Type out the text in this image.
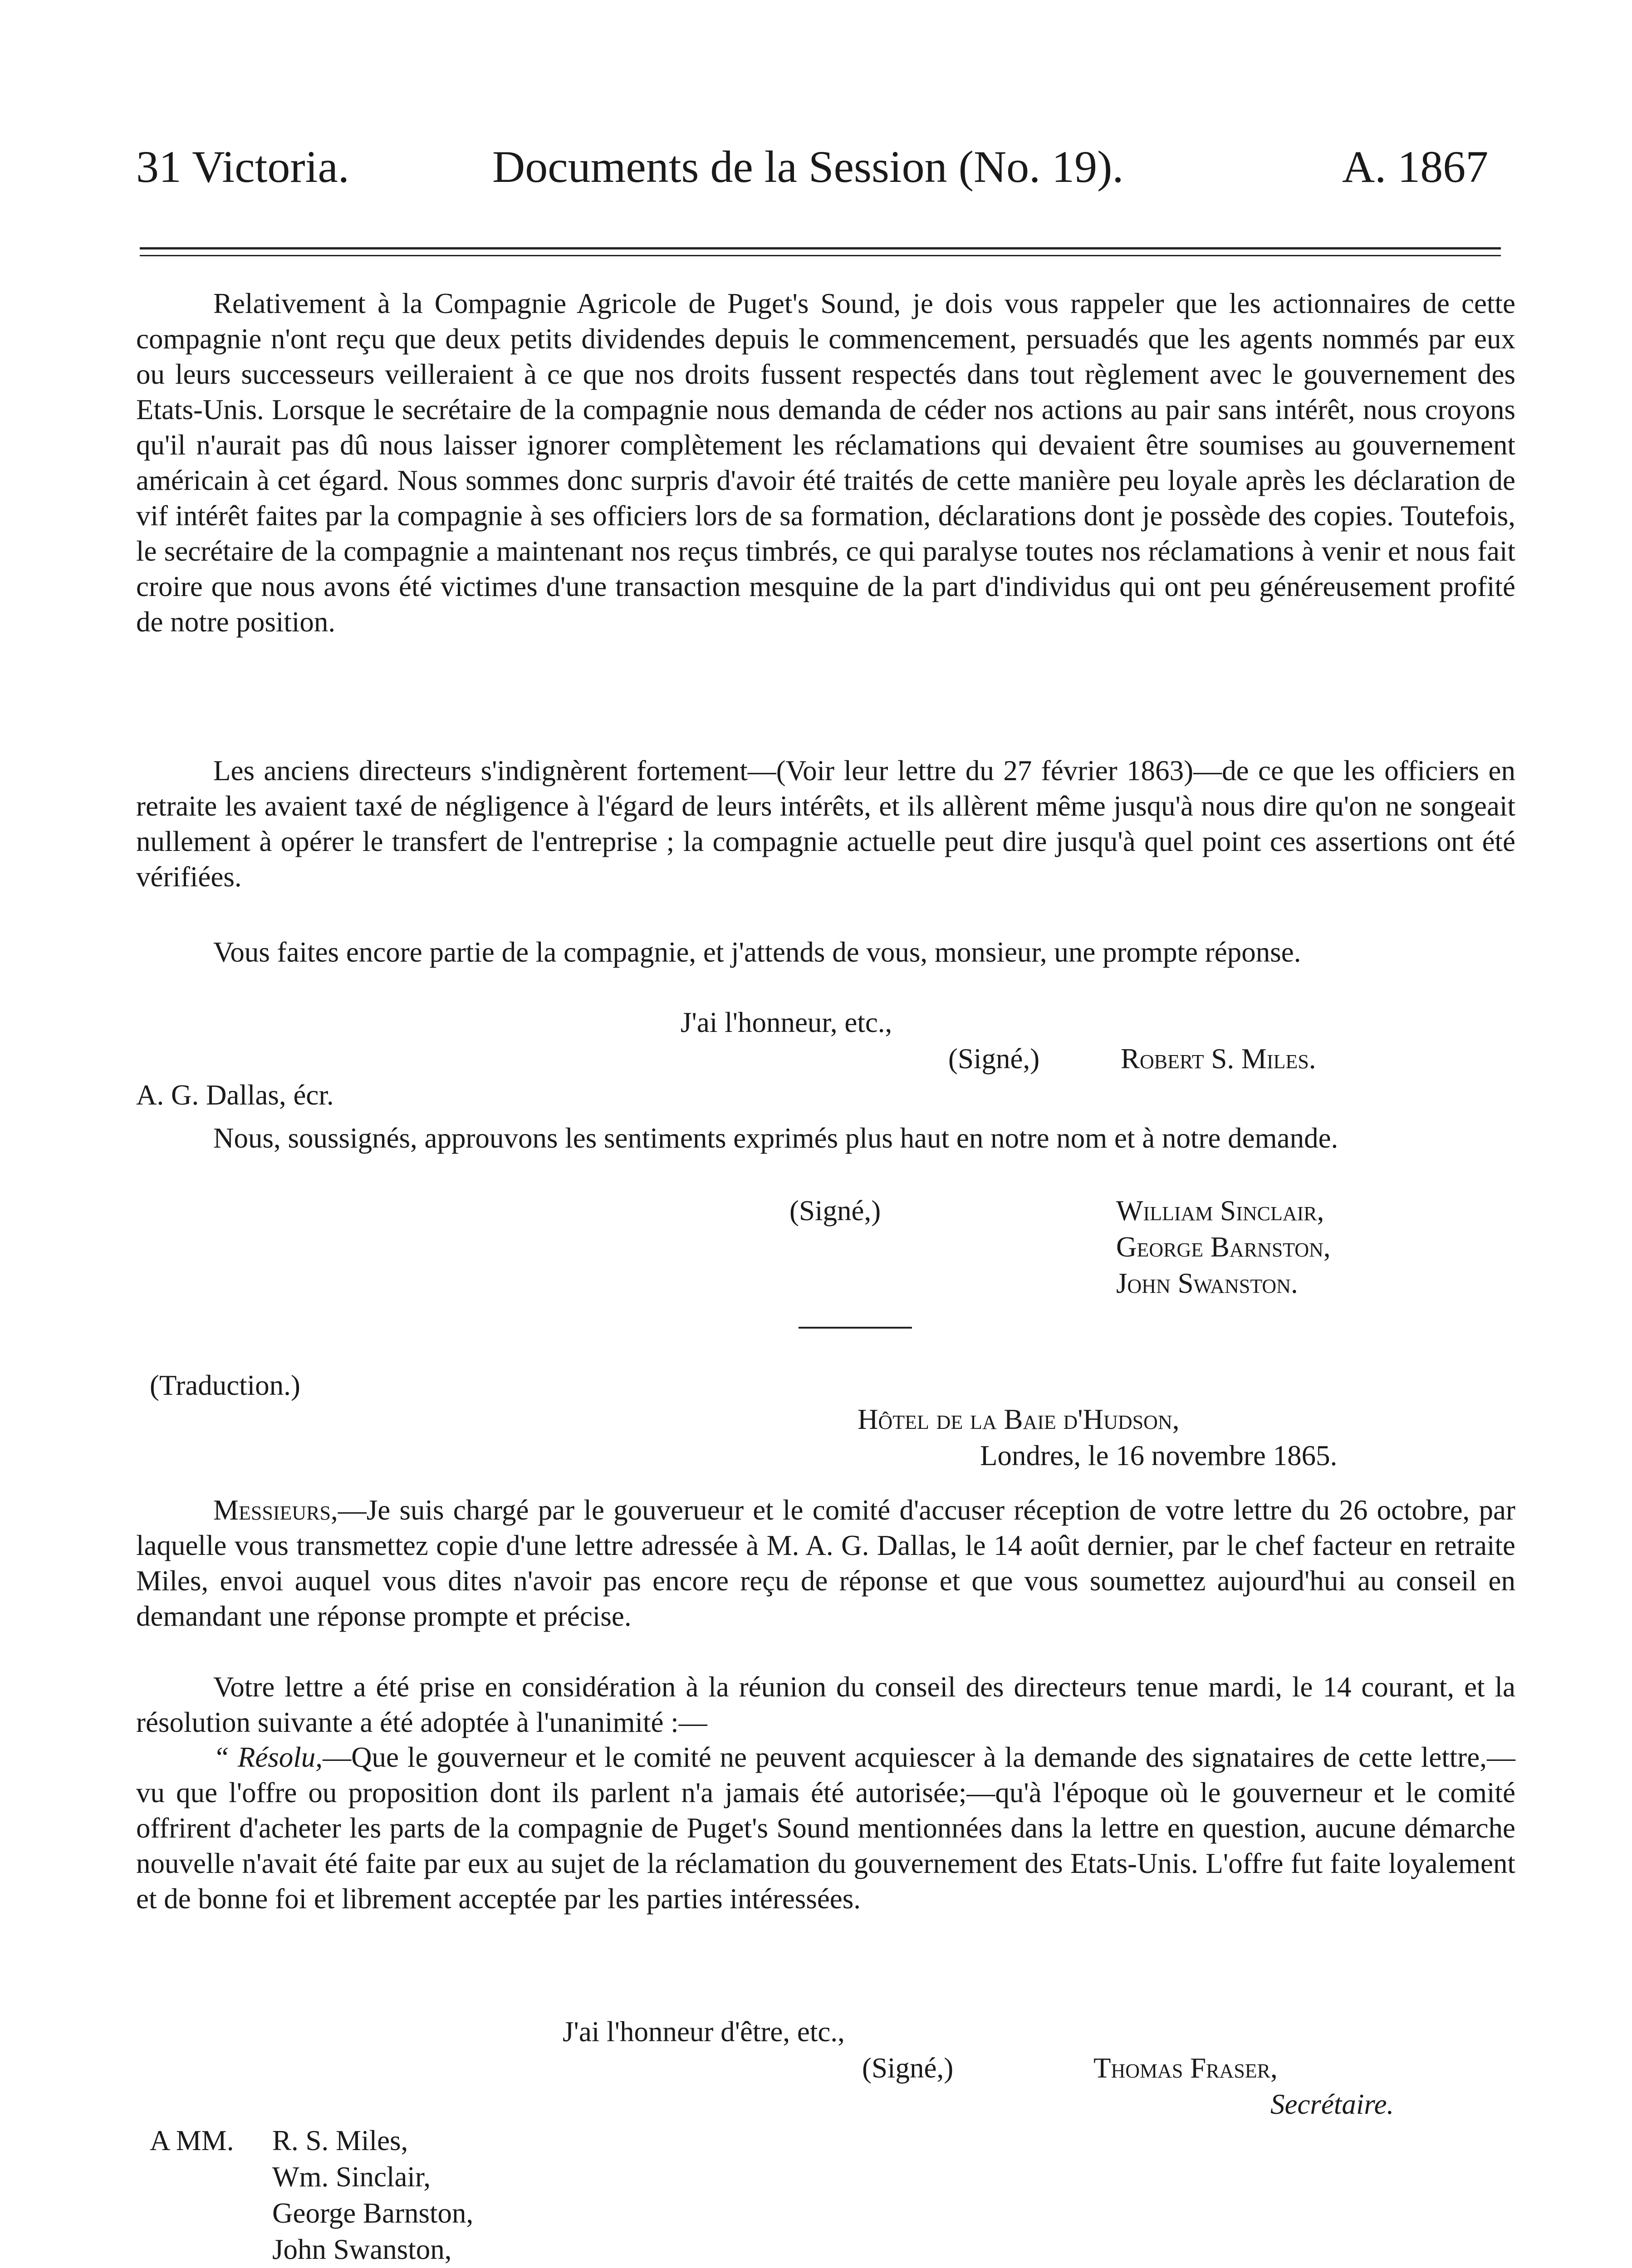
31 Victoria.	Documents de la Session (No. 19).	A. 1867

Relativement à la Compagnie Agricole de Puget's Sound, je dois vous rappeler que les actionnaires de cette compagnie n'ont reçu que deux petits dividendes depuis le commencement, persuadés que les agents nommés par eux ou leurs successeurs veilleraient à ce que nos droits fussent respectés dans tout règlement avec le gouvernement des Etats-Unis. Lorsque le secrétaire de la compagnie nous demanda de céder nos actions au pair sans intérêt, nous croyons qu'il n'aurait pas dû nous laisser ignorer complètement les réclamations qui devaient être soumises au gouvernement américain à cet égard. Nous sommes donc surpris d'avoir été traités de cette manière peu loyale après les déclaration de vif intérêt faites par la compagnie à ses officiers lors de sa formation, déclarations dont je possède des copies. Toutefois, le secrétaire de la compagnie a maintenant nos reçus timbrés, ce qui paralyse toutes nos réclamations à venir et nous fait croire que nous avons été victimes d'une transaction mesquine de la part d'individus qui ont peu généreusement profité de notre position.

Les anciens directeurs s'indignèrent fortement—(Voir leur lettre du 27 février 1863)—de ce que les officiers en retraite les avaient taxé de négligence à l'égard de leurs intérêts, et ils allèrent même jusqu'à nous dire qu'on ne songeait nullement à opérer le transfert de l'entreprise ; la compagnie actuelle peut dire jusqu'à quel point ces assertions ont été vérifiées.

Vous faites encore partie de la compagnie, et j'attends de vous, monsieur, une prompte réponse.

J'ai l'honneur, etc.,
(Signé,)	Robert S. Miles.
A. G. Dallas, écr.

Nous, soussignés, approuvons les sentiments exprimés plus haut en notre nom et à notre demande.

(Signé,)	William Sinclair,
George Barnston,
John Swanston.
(Traduction.)
Hôtel de la Baie d'Hudson,
Londres, le 16 novembre 1865.

Messieurs,—Je suis chargé par le gouverueur et le comité d'accuser réception de votre lettre du 26 octobre, par laquelle vous transmettez copie d'une lettre adressée à M. A. G. Dallas, le 14 août dernier, par le chef facteur en retraite Miles, envoi auquel vous dites n'avoir pas encore reçu de réponse et que vous soumettez aujourd'hui au conseil en demandant une réponse prompte et précise.

Votre lettre a été prise en considération à la réunion du conseil des directeurs tenue mardi, le 14 courant, et la résolution suivante a été adoptée à l'unanimité :—

“ Résolu,—Que le gouverneur et le comité ne peuvent acquiescer à la demande des signataires de cette lettre,—vu que l'offre ou proposition dont ils parlent n'a jamais été autorisée;—qu'à l'époque où le gouverneur et le comité offrirent d'acheter les parts de la compagnie de Puget's Sound mentionnées dans la lettre en question, aucune démarche nouvelle n'avait été faite par eux au sujet de la réclamation du gouvernement des Etats-Unis. L'offre fut faite loyalement et de bonne foi et librement acceptée par les parties intéressées.

J'ai l'honneur d'être, etc.,
(Signé,)	Thomas Fraser,
Secrétaire.
A MM. R. S. Miles,
Wm. Sinclair,
George Barnston,
John Swanston,
